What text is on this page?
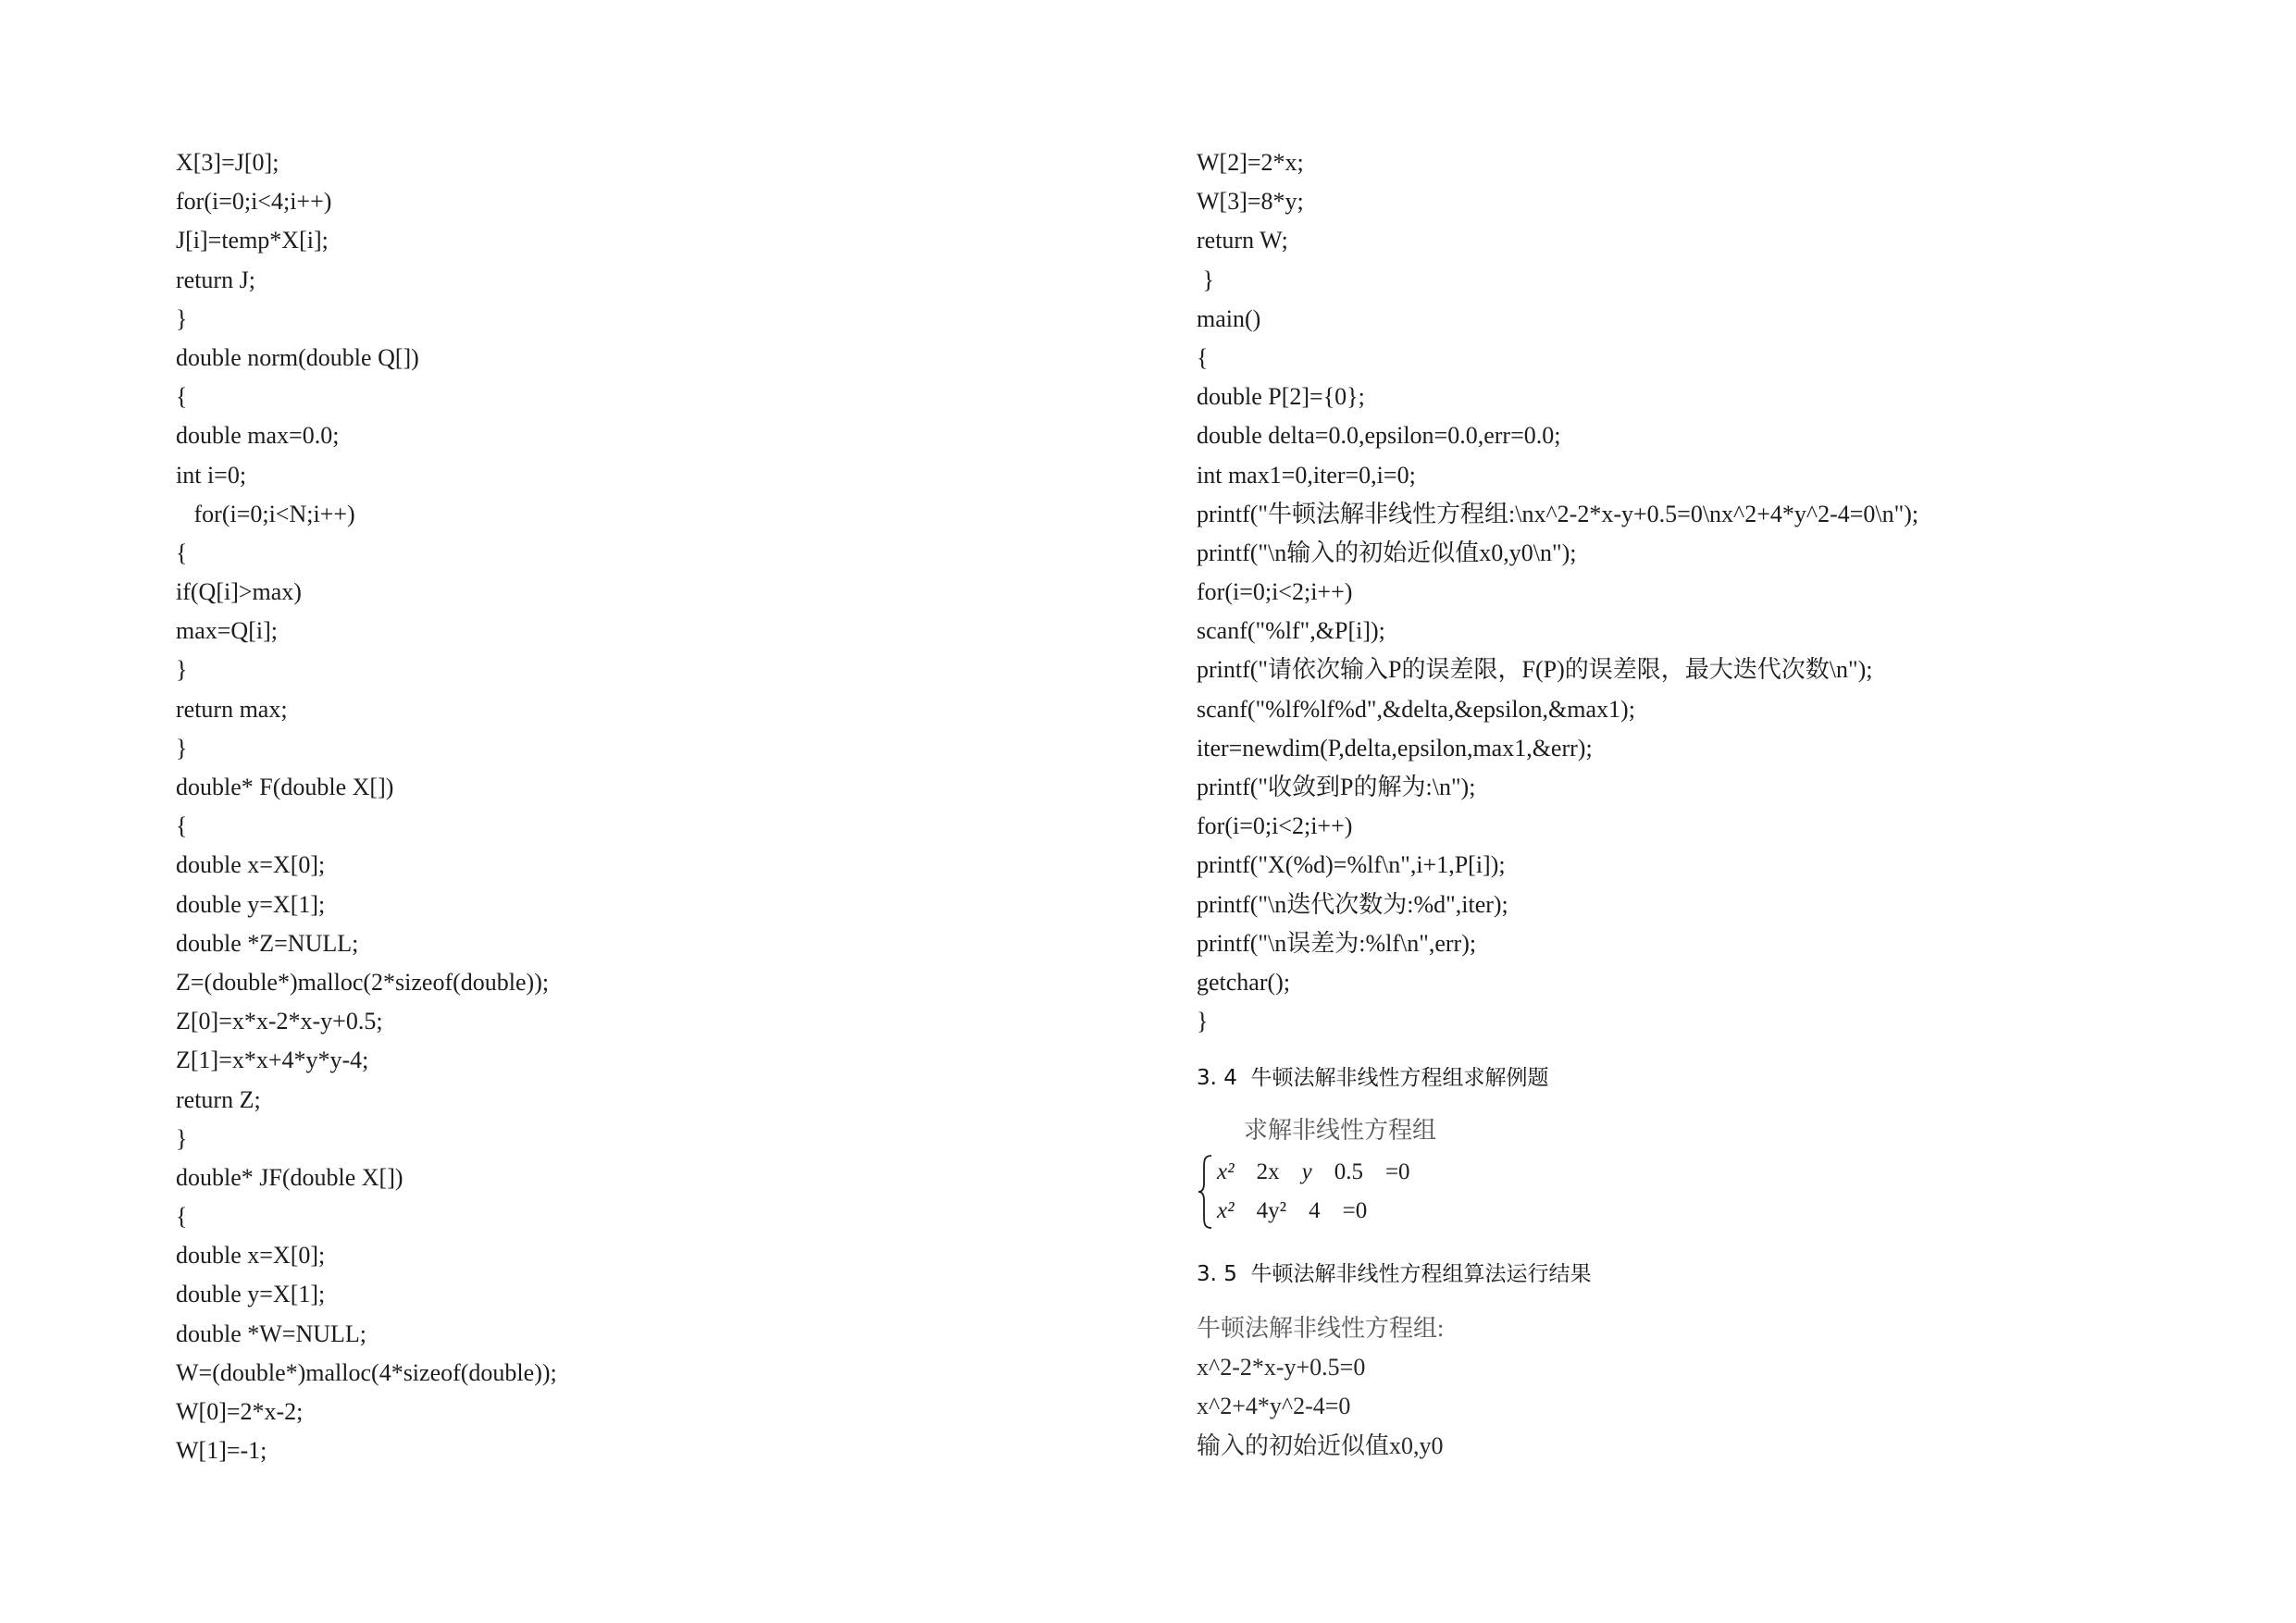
X[3]=J[0];
for(i=0;i<4;i++)
J[i]=temp*X[i];
return J;
}
double norm(double Q[])
{
double max=0.0;
int i=0;
for(i=0;i<N;i++)
{
if(Q[i]>max)
max=Q[i];
}
return max;
}
double* F(double X[])
{
double x=X[0];
double y=X[1];
double *Z=NULL;
Z=(double*)malloc(2*sizeof(double));
Z[0]=x*x-2*x-y+0.5;
Z[1]=x*x+4*y*y-4;
return Z;
}
double* JF(double X[])
{
double x=X[0];
double y=X[1];
double *W=NULL;
W=(double*)malloc(4*sizeof(double));
W[0]=2*x-2;
W[1]=-1;
W[2]=2*x;
W[3]=8*y;
return W;
}
main()
{
double P[2]={0};
double delta=0.0,epsilon=0.0,err=0.0;
int max1=0,iter=0,i=0;
printf("牛顿法解非线性方程组:\nx^2-2*x-y+0.5=0\nx^2+4*y^2-4=0\n");
printf("\n输入的初始近似值x0,y0\n");
for(i=0;i<2;i++)
scanf("%lf",&P[i]);
printf("请依次输入P的误差限，F(P)的误差限，最大迭代次数\n");
scanf("%lf%lf%d",&delta,&epsilon,&max1);
iter=newdim(P,delta,epsilon,max1,&err);
printf("收敛到P的解为:\n");
for(i=0;i<2;i++)
printf("X(%d)=%lf\n",i+1,P[i]);
printf("\n迭代次数为:%d",iter);
printf("\n误差为:%lf\n",err);
getchar();
}
3. 4  牛顿法解非线性方程组求解例题
求解非线性方程组
x² 2x y 0.5 =0
x² 4y² 4 =0
3. 5  牛顿法解非线性方程组算法运行结果
牛顿法解非线性方程组:
x^2-2*x-y+0.5=0
x^2+4*y^2-4=0
输入的初始近似值x0,y0
